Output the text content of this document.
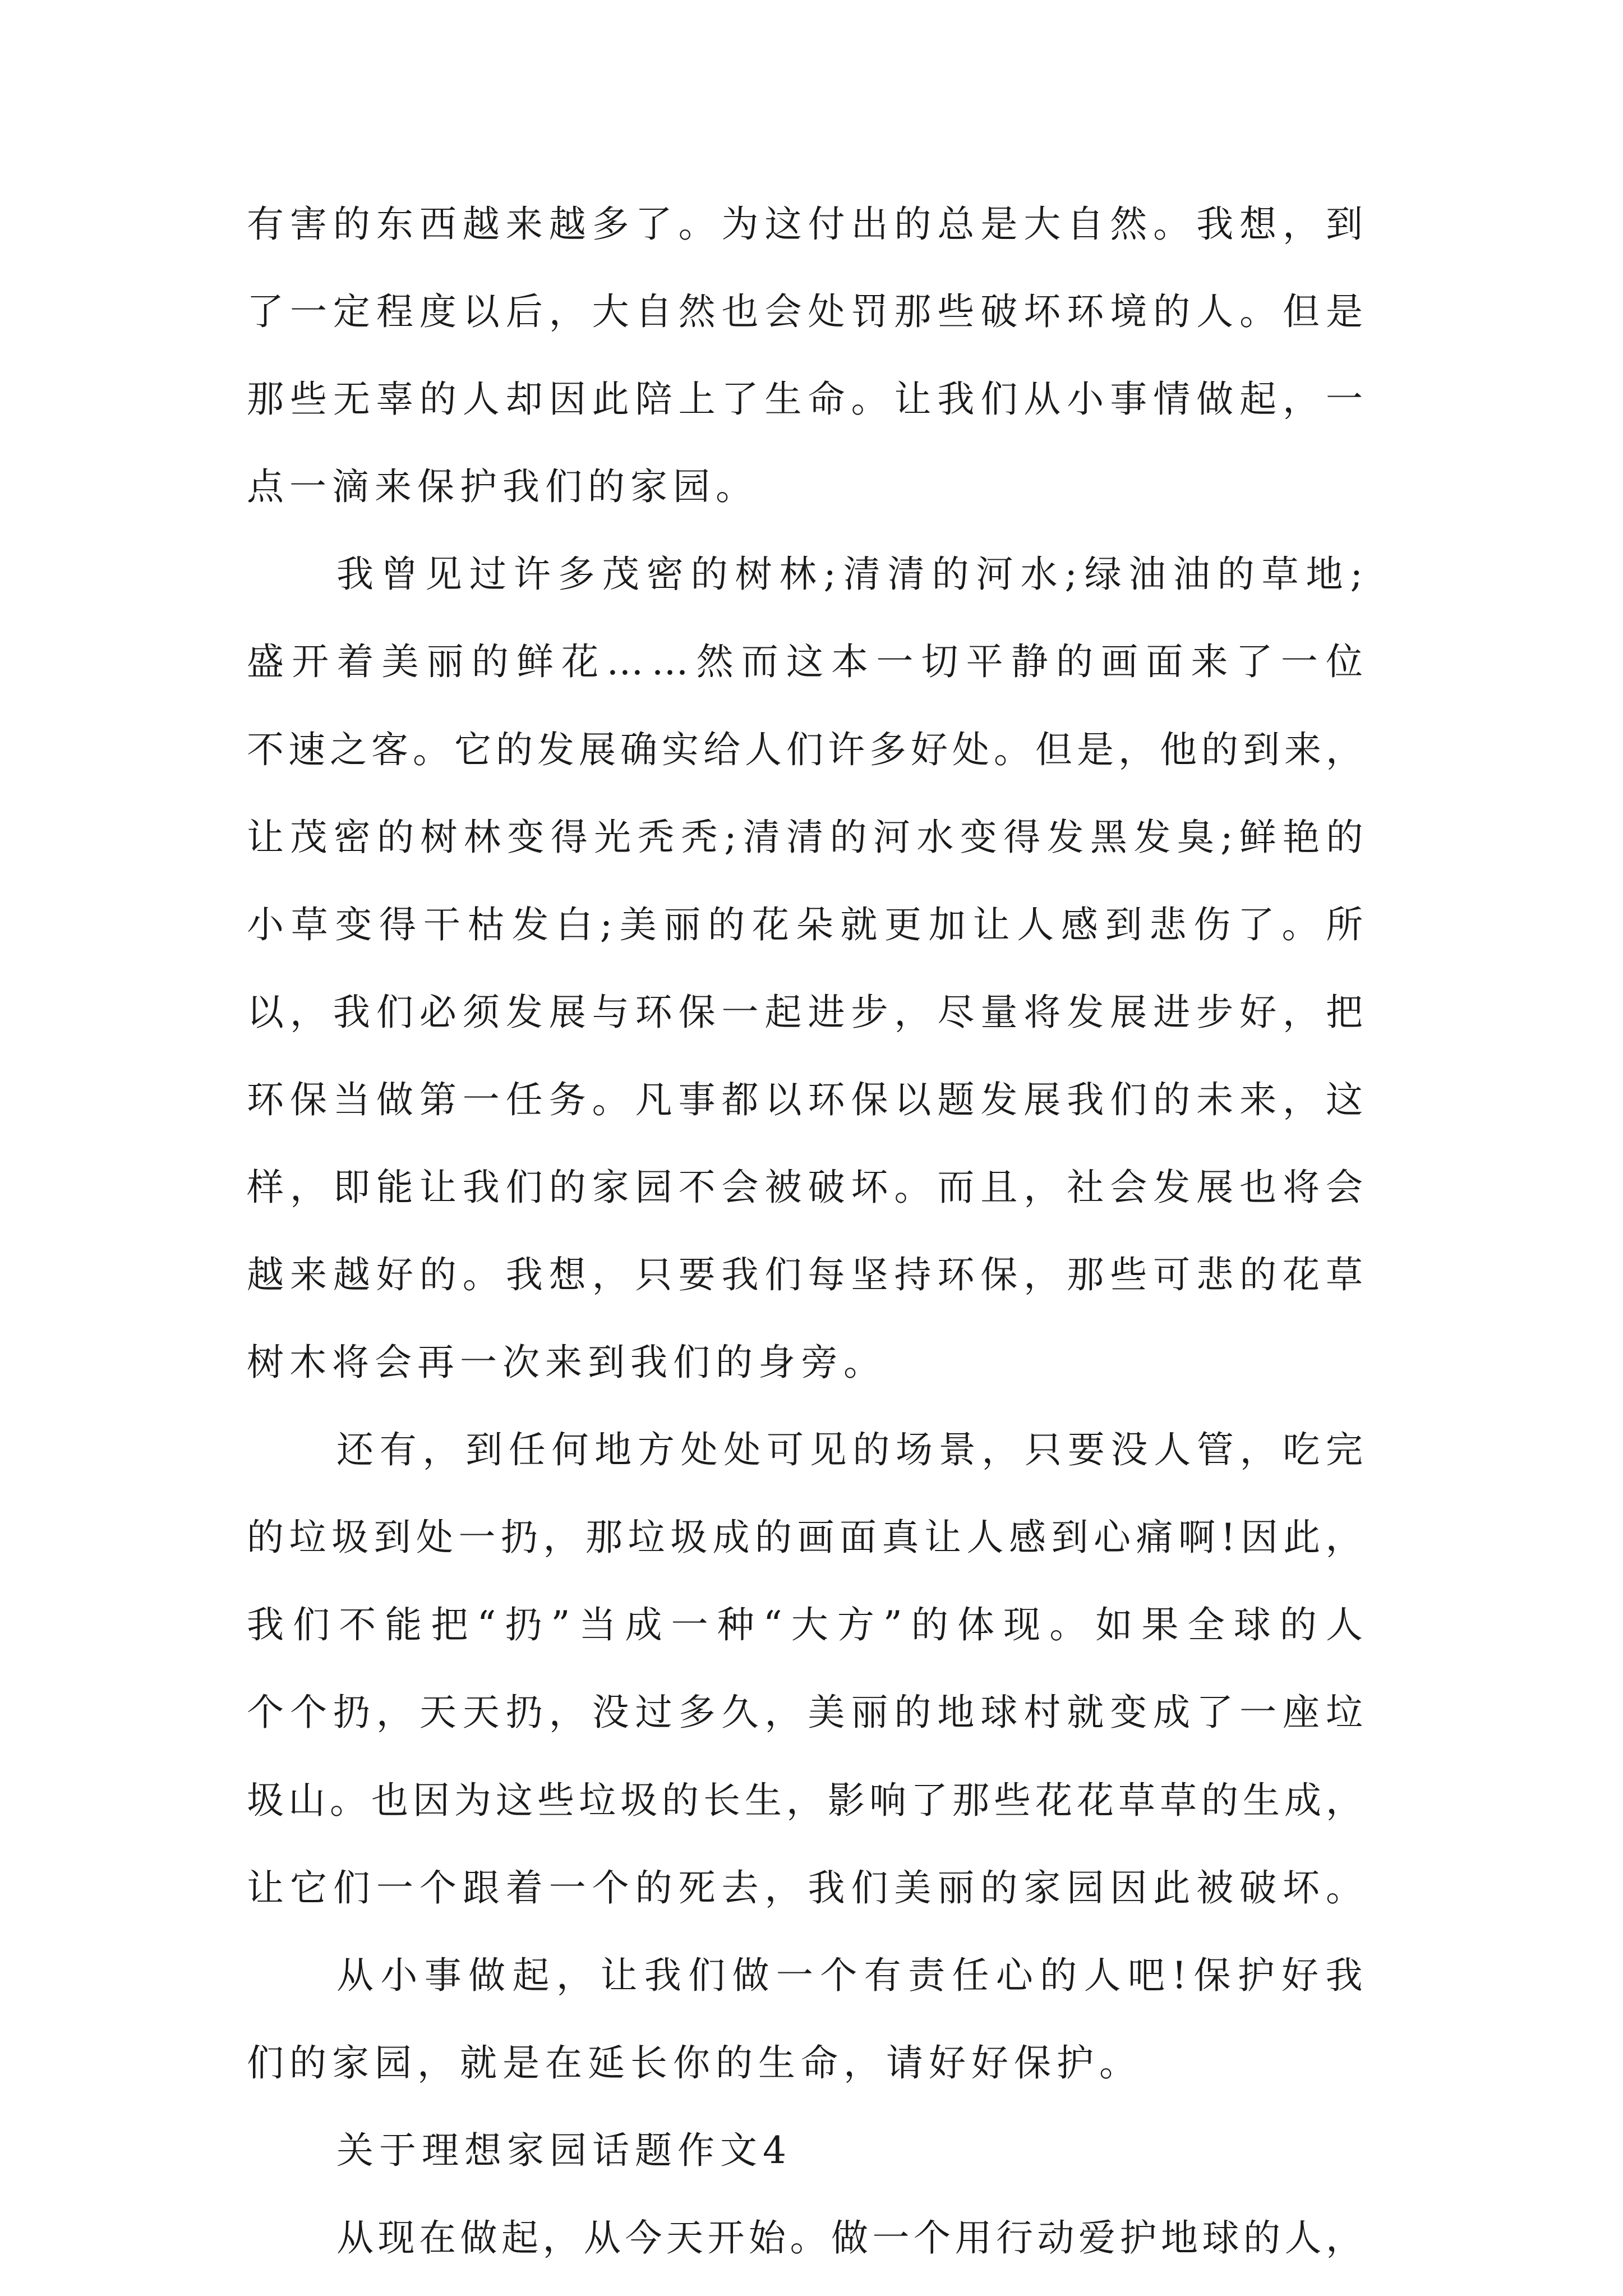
有害的东西越来越多了。为这付出的总是大自然。我想，到
了一定程度以后，大自然也会处罚那些破坏环境的人。但是
那些无辜的人却因此陪上了生命。让我们从小事情做起，一
点一滴来保护我们的家园。
我曾见过许多茂密的树林;清清的河水;绿油油的草地;
盛开着美丽的鲜花……然而这本一切平静的画面来了一位
不速之客。它的发展确实给人们许多好处。但是，他的到来，
让茂密的树林变得光秃秃;清清的河水变得发黑发臭;鲜艳的
小草变得干枯发白;美丽的花朵就更加让人感到悲伤了。所
以，我们必须发展与环保一起进步，尽量将发展进步好，把
环保当做第一任务。凡事都以环保以题发展我们的未来，这
样，即能让我们的家园不会被破坏。而且，社会发展也将会
越来越好的。我想，只要我们每坚持环保，那些可悲的花草
树木将会再一次来到我们的身旁。
还有，到任何地方处处可见的场景，只要没人管，吃完
的垃圾到处一扔，那垃圾成的画面真让人感到心痛啊!因此，
我们不能把“扔”当成一种“大方”的体现。如果全球的人
个个扔，天天扔，没过多久，美丽的地球村就变成了一座垃
圾山。也因为这些垃圾的长生，影响了那些花花草草的生成，
让它们一个跟着一个的死去，我们美丽的家园因此被破坏。
从小事做起，让我们做一个有责任心的人吧!保护好我
们的家园，就是在延长你的生命，请好好保护。
关于理想家园话题作文4
从现在做起，从今天开始。做一个用行动爱护地球的人，
